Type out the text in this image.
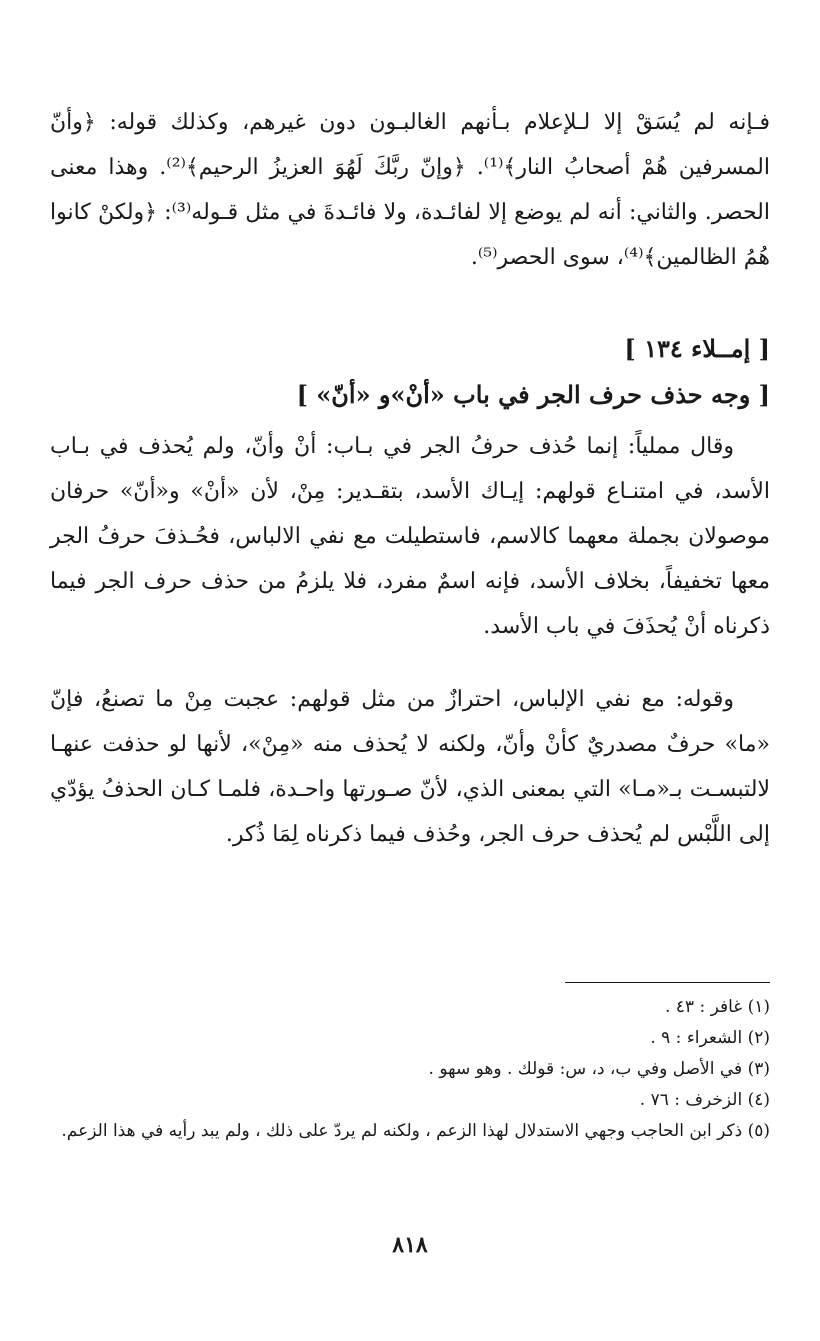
فـإنه لم يُسَقْ إلا لـلإعلام بـأنهم الغالبـون دون غيرهم، وكذلك قوله: ﴿وأنّ المسرفين هُمْ أصحابُ النار﴾⁽¹⁾. ﴿وإنّ ربَّكَ لَهُوَ العزيزُ الرحيم﴾⁽²⁾. وهذا معنى الحصر. والثاني: أنه لم يوضع إلا لفائـدة، ولا فائـدةَ في مثل قـوله⁽³⁾: ﴿ولكنْ كانوا هُمُ الظالمين﴾⁽⁴⁾، سوى الحصر⁽⁵⁾.

[ إمــلاء ١٣٤ ]

[ وجه حذف حرف الجر في باب «أنْ»و «أنّ» ]

وقال مملياً: إنما حُذف حرفُ الجر في بـاب: أنْ وأنّ، ولم يُحذف في بـاب الأسد، في امتنـاع قولهم: إيـاك الأسد، بتقـدير: مِنْ، لأن «أنْ» و«أنّ» حرفان موصولان بجملة معهما كالاسم، فاستطيلت مع نفي الالباس، فحُـذفَ حرفُ الجر معها تخفيفاً، بخلاف الأسد، فإنه اسمٌ مفرد، فلا يلزمُ من حذف حرف الجر فيما ذكرناه أنْ يُحذَفَ في باب الأسد.

وقوله: مع نفي الإلباس، احترازٌ من مثل قولهم: عجبت مِنْ ما تصنعُ، فإنّ «ما» حرفٌ مصدريٌ كأنْ وأنّ، ولكنه لا يُحذف منه «مِنْ»، لأنها لو حذفت عنهـا لالتبسـت بـ«مـا» التي بمعنى الذي، لأنّ صـورتها واحـدة، فلمـا كـان الحذفُ يؤدّي إلى اللَّبْس لم يُحذف حرف الجر، وحُذف فيما ذكرناه لِمَا ذُكر.

(١) غافر : ٤٣ .

(٢) الشعراء : ٩ .

(٣) في الأصل وفي ب، د، س: قولك . وهو سهو .

(٤) الزخرف : ٧٦ .

(٥) ذكر ابن الحاجب وجهي الاستدلال لهذا الزعم ، ولكنه لم يردّ على ذلك ، ولم يبد رأيه في هذا الزعم.

٨١٨
